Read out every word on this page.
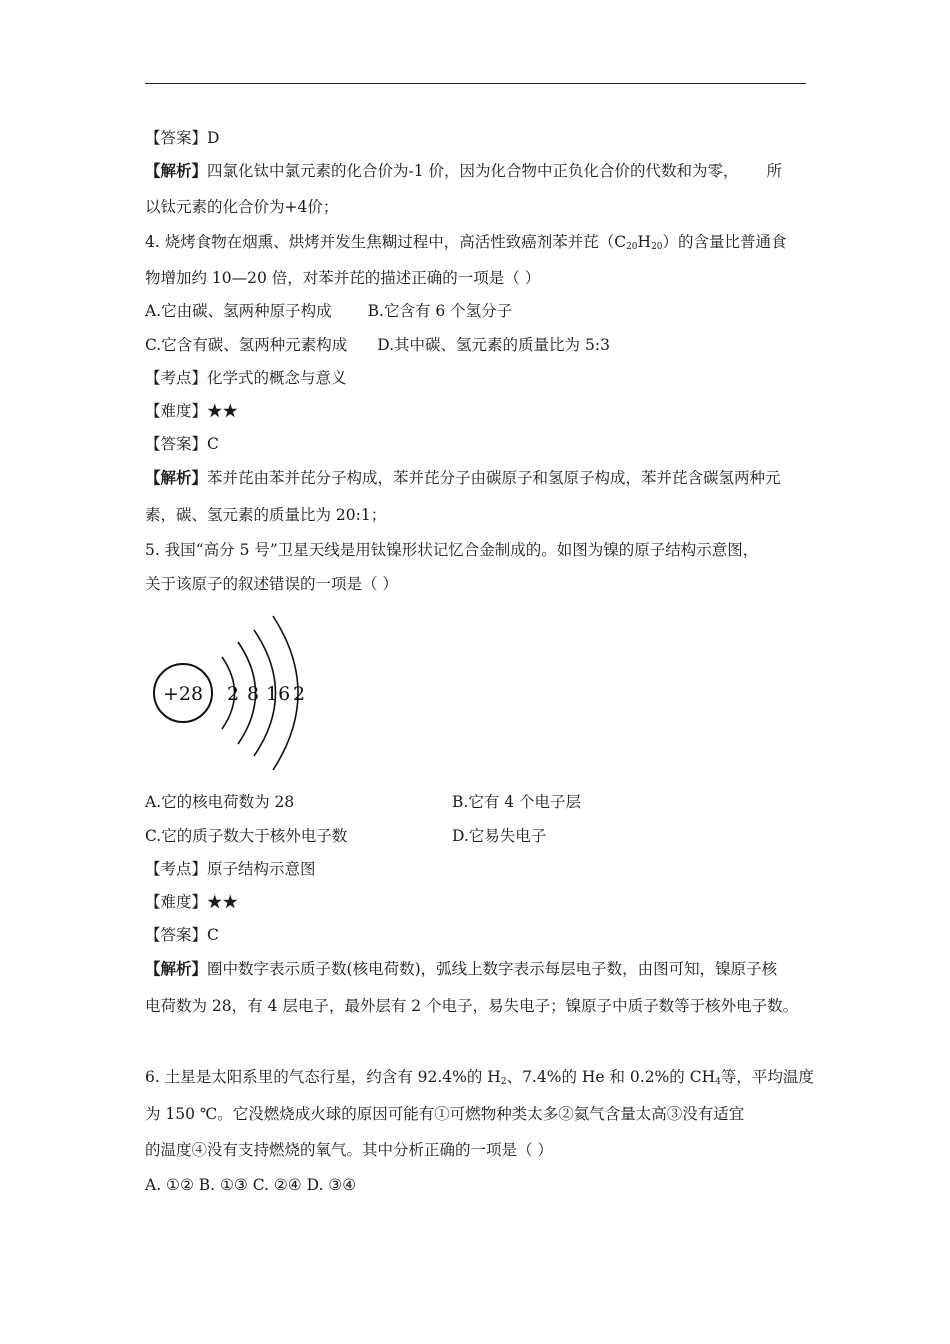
【答案】D
【解析】四氯化钛中氯元素的化合价为-1 价，因为化合物中正负化合价的代数和为零， 所
以钛元素的化合价为+4价；
4. 烧烤食物在烟熏、烘烤并发生焦糊过程中，高活性致癌剂苯并芘$(C_{20}H_{20})$的含量比普通食
物增加约 10—20 倍，对苯并芘的描述正确的一项是（ ）
A.它由碳、氢两种原子构成 B.它含有 6 个氢分子
C.它含有碳、氢两种元素构成 D.其中碳、氢元素的质量比为 5:3
【考点】化学式的概念与意义
【难度】★★
【答案】C
【解析】苯并芘由苯并芘分子构成，苯并芘分子由碳原子和氢原子构成，苯并芘含碳氢两种元
素，碳、氢元素的质量比为 20:1；
5. 我国“高分 5 号”卫星天线是用钛镍形状记忆合金制成的。如图为镍的原子结构示意图，
关于该原子的叙述错误的一项是（ ）
+28 2 8 16 2
A.它的核电荷数为 28	B.它有 4 个电子层
C.它的质子数大于核外电子数	D.它易失电子
【考点】原子结构示意图
【难度】★★
【答案】C
【解析】圈中数字表示质子数(核电荷数)，弧线上数字表示每层电子数，由图可知，镍原子核
电荷数为 28，有 4 层电子，最外层有 2 个电子，易失电子；镍原子中质子数等于核外电子数。
6. 土星是太阳系里的气态行星，约含有 92.4%的 $H_2$、7.4%的 He 和 0.2%的 $CH_4$等，平均温度
为 150 ℃。它没燃烧成火球的原因可能有①可燃物种类太多②氦气含量太高③没有适宜
的温度④没有支持燃烧的氧气。其中分析正确的一项是（ ）
A. ①② B. ①③ C. ②④ D. ③④
